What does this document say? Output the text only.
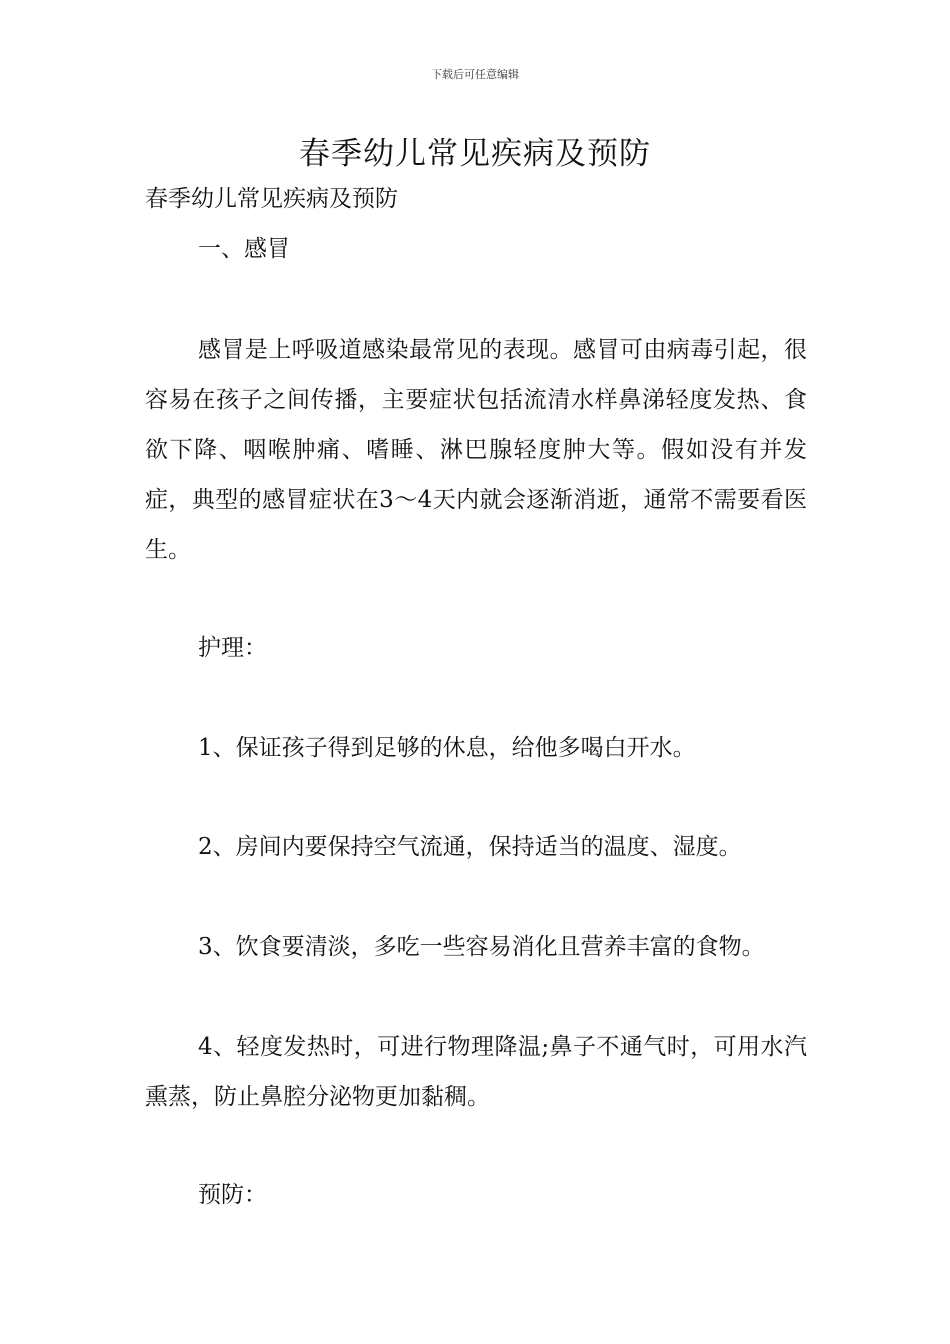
下载后可任意编辑
春季幼儿常见疾病及预防
春季幼儿常见疾病及预防
一、感冒

感冒是上呼吸道感染最常见的表现。感冒可由病毒引起，很容易在孩子之间传播，主要症状包括流清水样鼻涕轻度发热、食欲下降、咽喉肿痛、嗜睡、淋巴腺轻度肿大等。假如没有并发症，典型的感冒症状在3～4天内就会逐渐消逝，通常不需要看医生。

护理：
1、保证孩子得到足够的休息，给他多喝白开水。
2、房间内要保持空气流通，保持适当的温度、湿度。
3、饮食要清淡，多吃一些容易消化且营养丰富的食物。

4、轻度发热时，可进行物理降温;鼻子不通气时，可用水汽熏蒸，防止鼻腔分泌物更加黏稠。

预防：
